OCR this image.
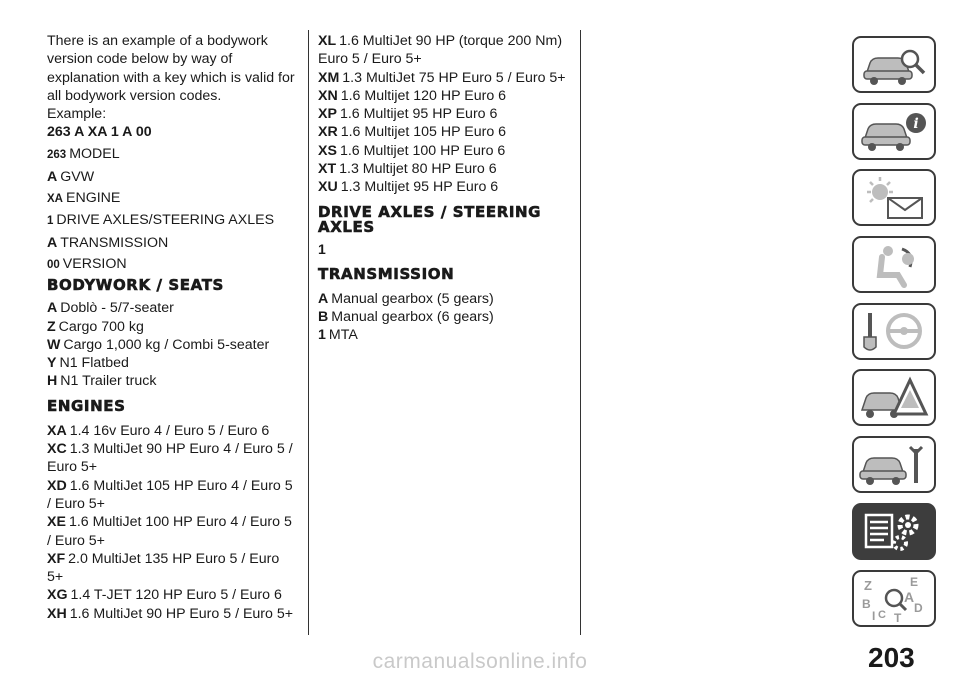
There is an example of a bodywork version code below by way of explanation with a key which is valid for all bodywork version codes.

Example:

263 A XA 1 A 00
263 MODEL
A GVW
XA ENGINE
1 DRIVE AXLES/STEERING AXLES
A TRANSMISSION
00 VERSION
BODYWORK / SEATS
A Doblò - 5/7-seater
Z Cargo 700 kg
W Cargo 1,000 kg / Combi 5-seater
Y N1 Flatbed
H N1 Trailer truck
ENGINES
XA 1.4 16v Euro 4 / Euro 5 / Euro 6
XC 1.3 MultiJet 90 HP Euro 4 / Euro 5 / Euro 5+
XD 1.6 MultiJet 105 HP Euro 4 / Euro 5 / Euro 5+
XE 1.6 MultiJet 100 HP Euro 4 / Euro 5 / Euro 5+
XF 2.0 MultiJet 135 HP Euro 5 / Euro 5+
XG 1.4 T-JET 120 HP Euro 5 / Euro 6
XH 1.6 MultiJet 90 HP Euro 5 / Euro 5+
XL 1.6 MultiJet 90 HP (torque 200 Nm) Euro 5 / Euro 5+
XM 1.3 MultiJet 75 HP Euro 5 / Euro 5+
XN 1.6 Multijet 120 HP Euro 6
XP 1.6 Multijet 95 HP Euro 6
XR 1.6 Multijet 105 HP Euro 6
XS 1.6 Multijet 100 HP Euro 6
XT 1.3 Multijet 80 HP Euro 6
XU 1.3 Multijet 95 HP Euro 6
DRIVE AXLES / STEERING AXLES
1
TRANSMISSION
A Manual gearbox (5 gears)
B Manual gearbox (6 gears)
1 MTA
i
Z	E
B	D
C T
A
I
203
carmanualsonline.info
